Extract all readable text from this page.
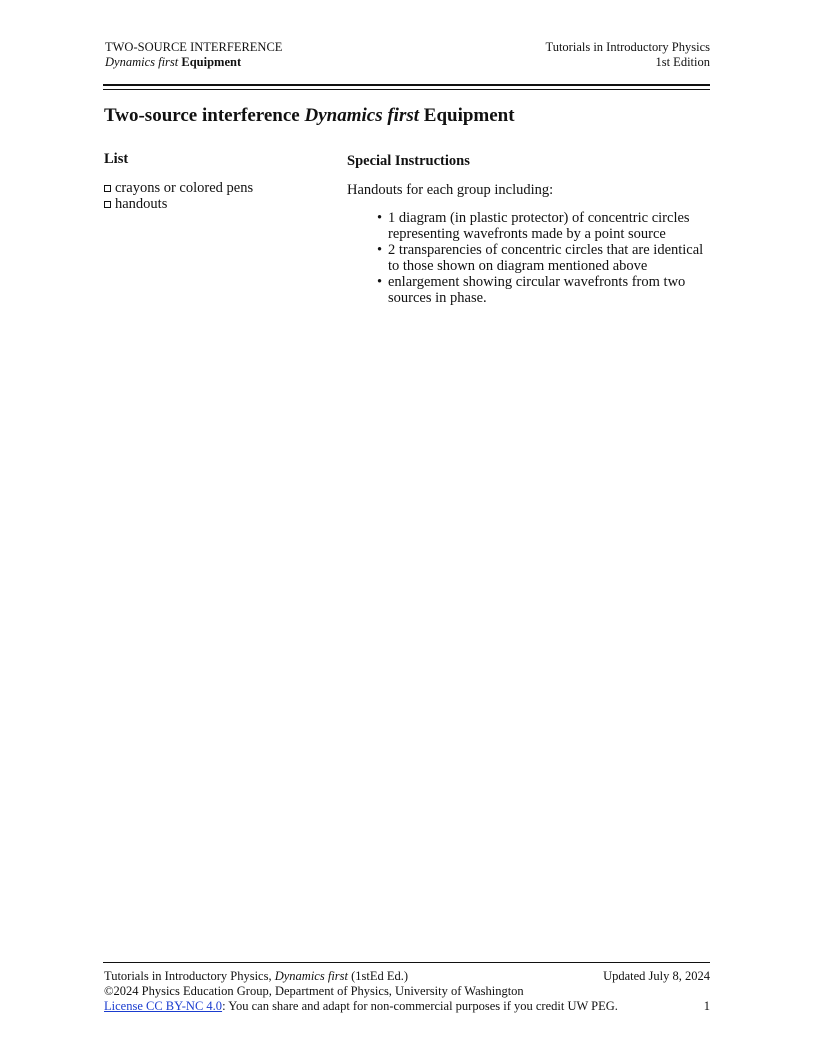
TWO-SOURCE INTERFERENCE
Dynamics first Equipment
Tutorials in Introductory Physics
1st Edition
Two-source interference Dynamics first Equipment
List
crayons or colored pens
handouts
Special Instructions

Handouts for each group including:

• 1 diagram (in plastic protector) of concentric circles
representing wavefronts made by a point source
• 2 transparencies of concentric circles that are identical
to those shown on diagram mentioned above
• enlargement showing circular wavefronts from two
sources in phase.
Tutorials in Introductory Physics, Dynamics first (1stEd Ed.)	Updated July 8, 2024
©2024 Physics Education Group, Department of Physics, University of Washington
License CC BY-NC 4.0: You can share and adapt for non-commercial purposes if you credit UW PEG.	1
